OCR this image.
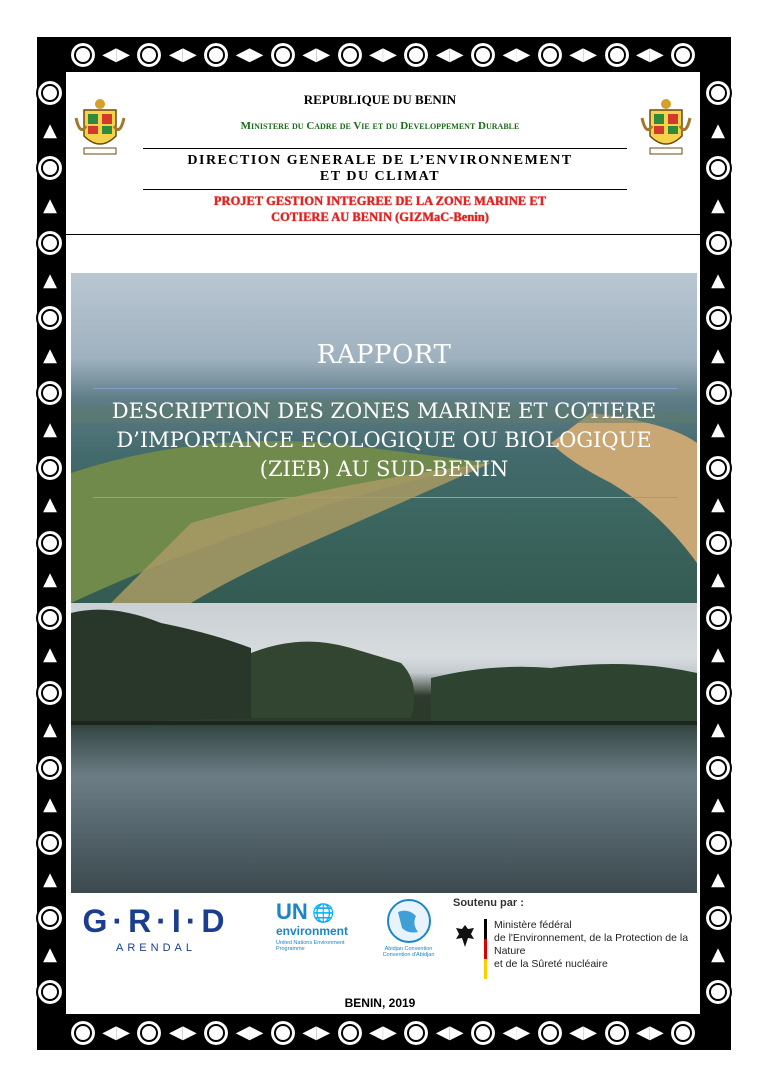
◀▶ ◀▶ ◀▶ ◀▶ ◀▶ ◀▶ ◀▶ ◀▶ ◀▶
◀▶ ◀▶ ◀▶ ◀▶ ◀▶ ◀▶ ◀▶ ◀▶ ◀▶
▲
▲
▲
▲
▲
▲
▲
▲
▲
▲
▲
▲
▲
▲
▲
▲
▲
▲
▲
▲
▲
▲
▲
▲
REPUBLIQUE DU BENIN
Ministere du Cadre de Vie et du Developpement Durable
DIRECTION GENERALE DE L’ENVIRONNEMENT
ET DU CLIMAT
PROJET GESTION INTEGREE DE LA ZONE MARINE ET
COTIERE AU BENIN (GIZMaC-Benin)
RAPPORT
DESCRIPTION DES ZONES MARINE ET COTIERE
D’IMPORTANCE ECOLOGIQUE OU BIOLOGIQUE
(ZIEB) AU SUD-BENIN
G·R·I·D
ARENDAL
UN 🌐
environment
United Nations Environment Programme	Abidjan Convention Convention d'Abidjan
Soutenu par :
Ministère fédéral
de l'Environnement, de la Protection de la Nature
et de la Sûreté nucléaire
BENIN, 2019
